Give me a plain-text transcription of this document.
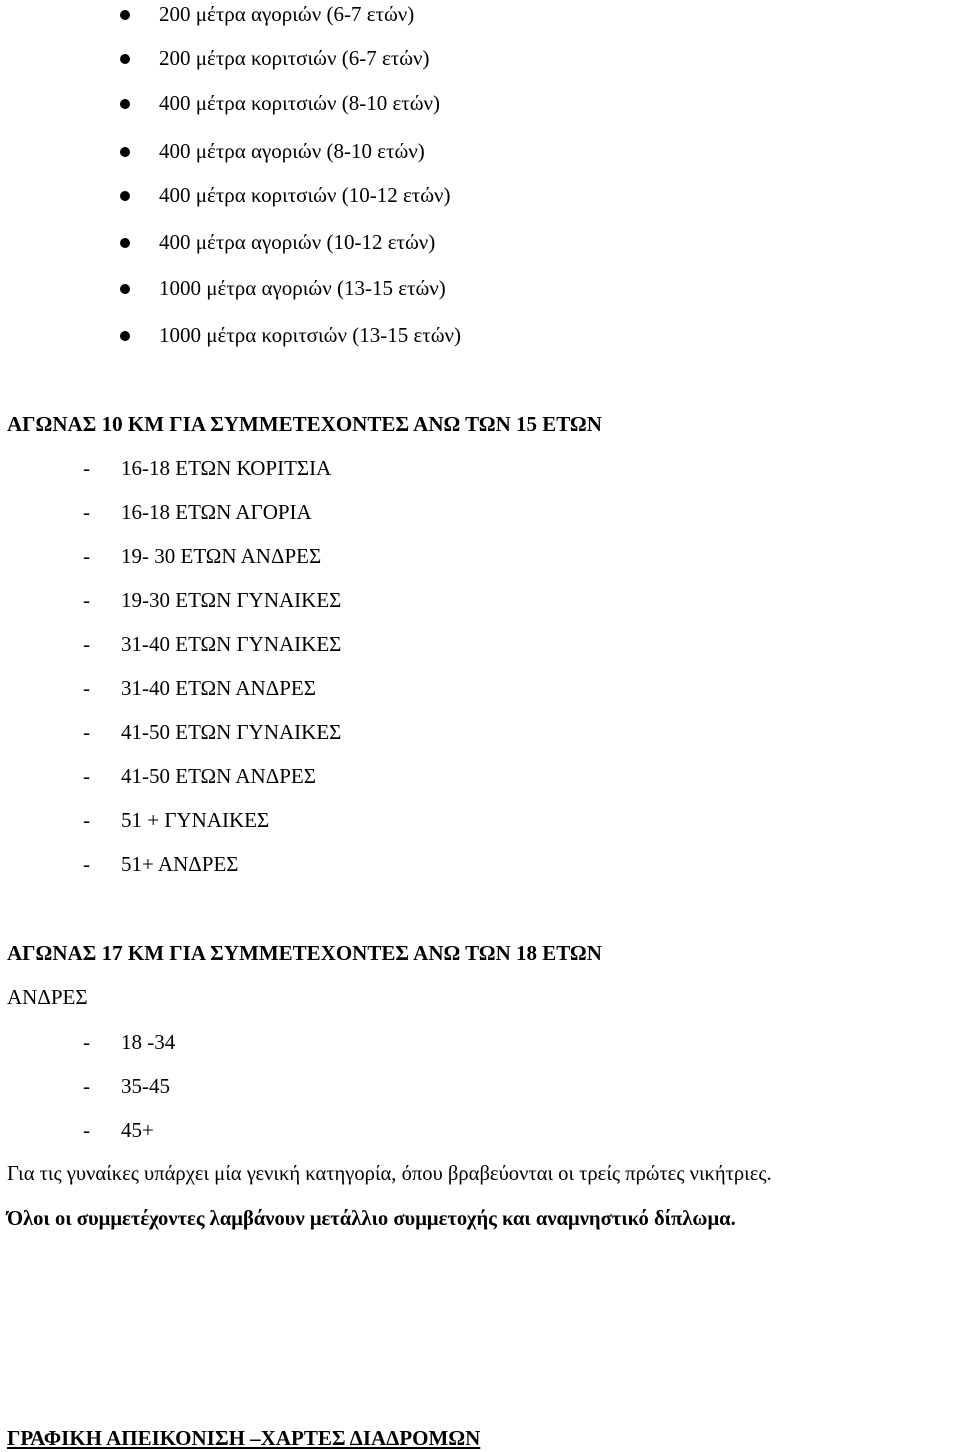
200 μέτρα αγοριών (6-7 ετών)
200 μέτρα κοριτσιών (6-7 ετών)
400 μέτρα κοριτσιών (8-10 ετών)
400 μέτρα αγοριών (8-10 ετών)
400 μέτρα κοριτσιών (10-12 ετών)
400 μέτρα αγοριών (10-12 ετών)
1000 μέτρα αγοριών (13-15 ετών)
1000 μέτρα κοριτσιών (13-15 ετών)
ΑΓΩΝΑΣ 10 ΚΜ ΓΙΑ ΣΥΜΜΕΤΕΧΟΝΤΕΣ ΑΝΩ ΤΩΝ 15 ΕΤΩΝ
- 16-18 ΕΤΩΝ ΚΟΡΙΤΣΙΑ
- 16-18 ΕΤΩΝ ΑΓΟΡΙΑ
- 19- 30 ΕΤΩΝ ΑΝΔΡΕΣ
- 19-30 ΕΤΩΝ ΓΥΝΑΙΚΕΣ
- 31-40 ΕΤΩΝ ΓΥΝΑΙΚΕΣ
- 31-40 ΕΤΩΝ ΑΝΔΡΕΣ
- 41-50 ΕΤΩΝ ΓΥΝΑΙΚΕΣ
- 41-50 ΕΤΩΝ ΑΝΔΡΕΣ
- 51 + ΓΥΝΑΙΚΕΣ
- 51+ ΑΝΔΡΕΣ
ΑΓΩΝΑΣ 17 ΚΜ ΓΙΑ ΣΥΜΜΕΤΕΧΟΝΤΕΣ ΑΝΩ ΤΩΝ 18 ΕΤΩΝ
ΑΝΔΡΕΣ
- 18 -34
- 35-45
- 45+
Για τις γυναίκες υπάρχει μία γενική κατηγορία, όπου βραβεύονται οι τρείς πρώτες νικήτριες.
Όλοι οι συμμετέχοντες λαμβάνουν μετάλλιο συμμετοχής και αναμνηστικό δίπλωμα.
ΓΡΑΦΙΚΗ ΑΠΕΙΚΟΝΙΣΗ –ΧΑΡΤΕΣ ΔΙΑΔΡΟΜΩΝ
